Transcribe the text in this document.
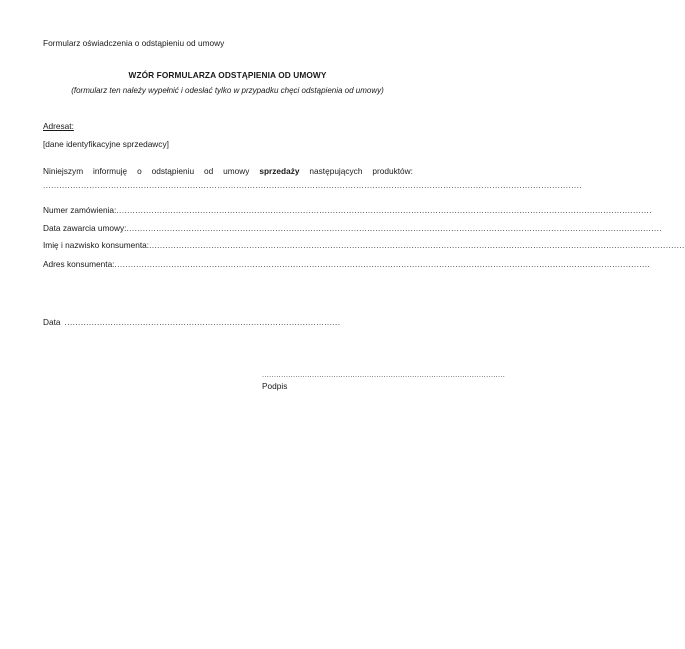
Formularz oświadczenia o odstąpieniu od umowy
WZÓR FORMULARZA ODSTĄPIENIA OD UMOWY
(formularz ten należy wypełnić i odesłać tylko w przypadku chęci odstąpienia od umowy)
Adresat:
[dane identyfikacyjne sprzedawcy]
Niniejszym informuję o odstąpieniu od umowy sprzedaży następujących produktów:
......................................................................................................................................................................................................
Numer zamówienia: ......................................................................................................................................................................................................
Data zawarcia umowy: ......................................................................................................................................................................................................
Imię i nazwisko konsumenta: ......................................................................................................................................................................................................
Adres konsumenta: ......................................................................................................................................................................................................
Data ......................................................................................................
......................................................................................................
Podpis
